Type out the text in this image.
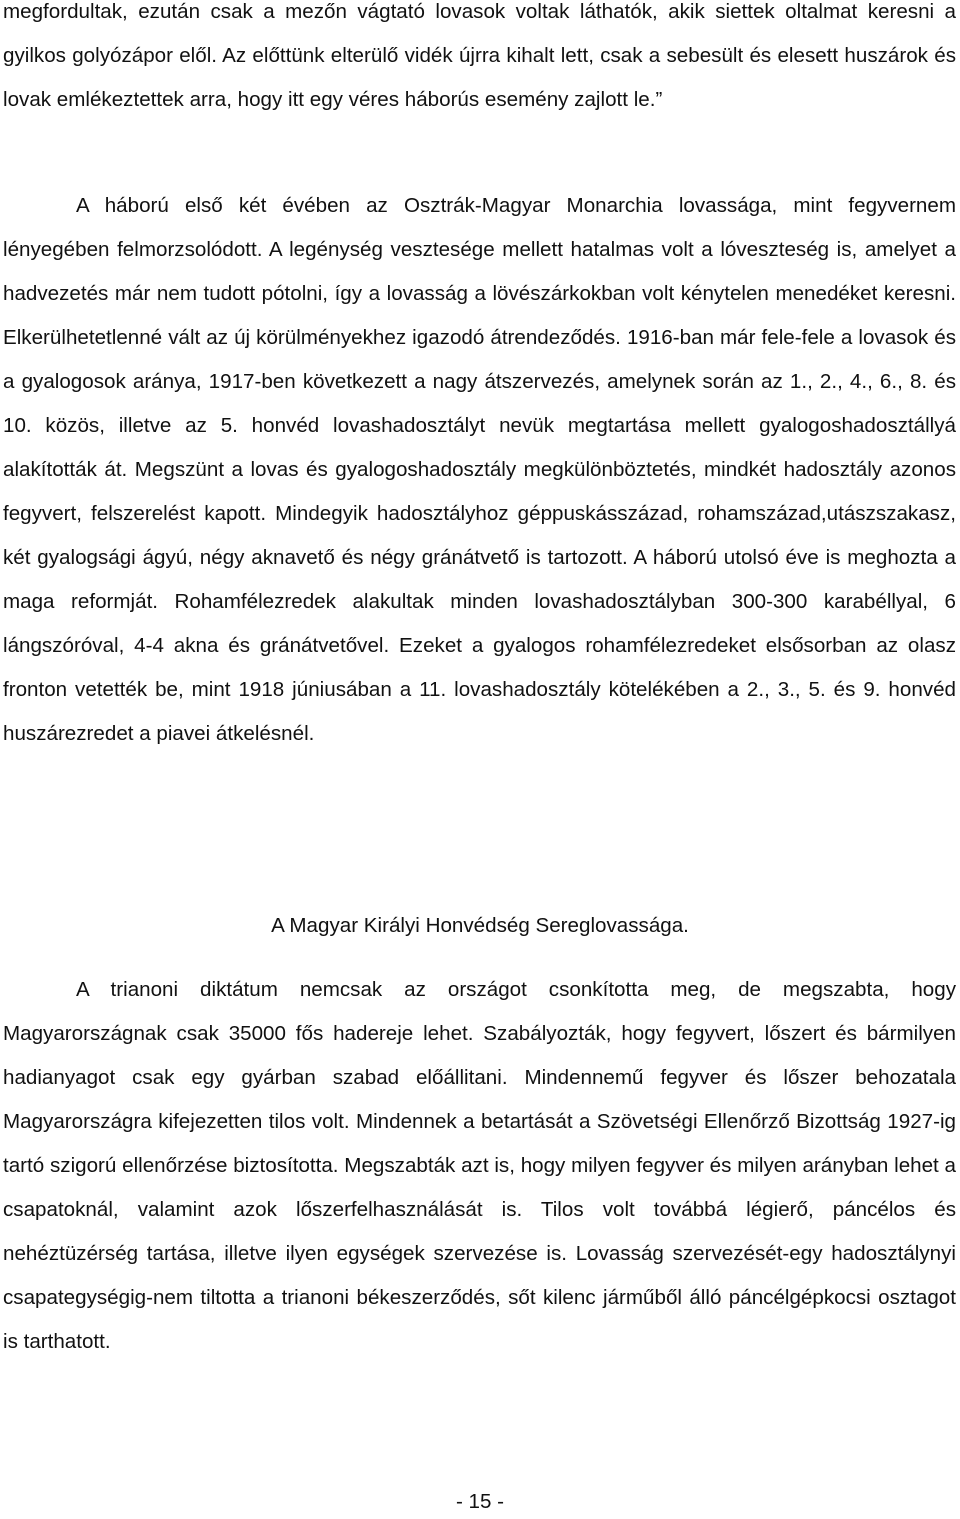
megfordultak, ezután csak a mezőn vágtató lovasok voltak láthatók, akik siettek oltalmat keresni a gyilkos golyózápor elől. Az előttünk elterülő vidék újrra kihalt lett, csak a sebesült és elesett huszárok és lovak emlékeztettek arra, hogy itt egy véres háborús esemény zajlott le.”

A háború első két évében az Osztrák-Magyar Monarchia lovassága, mint fegyvernem lényegében felmorzsolódott. A legénység vesztesége mellett hatalmas volt a lóveszteség is, amelyet a hadvezetés már nem tudott pótolni, így a lovasság a lövészárkokban volt kénytelen menedéket keresni. Elkerülhetetlenné vált az új körülményekhez igazodó átrendeződés. 1916-ban már fele-fele a lovasok és a gyalogosok aránya, 1917-ben következett a nagy átszervezés, amelynek során az 1., 2., 4., 6., 8. és 10. közös, illetve az 5. honvéd lovashadosztályt nevük megtartása mellett gyalogoshadosztállyá alakították át. Megszünt a lovas és gyalogoshadosztály megkülönböztetés, mindkét hadosztály azonos fegyvert, felszerelést kapott. Mindegyik hadosztályhoz géppuskásszázad, rohamszázad,utászszakasz, két gyalogsági ágyú, négy aknavető és négy gránátvető is tartozott. A háború utolsó éve is meghozta a maga reformját. Rohamfélezredek alakultak minden lovashadosztályban 300-300 karabéllyal, 6 lángszóróval, 4-4 akna és gránátvetővel. Ezeket a gyalogos rohamfélezredeket elsősorban az olasz fronton vetették be, mint 1918 júniusában a 11. lovashadosztály kötelékében a 2., 3., 5. és 9. honvéd huszárezredet a piavei átkelésnél.

A Magyar Királyi Honvédség Sereglovassága.

A trianoni diktátum nemcsak az országot csonkította meg, de megszabta, hogy Magyarországnak csak 35000 fős hadereje lehet. Szabályozták, hogy fegyvert, lőszert és bármilyen hadianyagot csak egy gyárban szabad előállitani. Mindennemű fegyver és lőszer behozatala Magyarországra kifejezetten tilos volt. Mindennek a betartását a Szövetségi Ellenőrző Bizottság 1927-ig tartó szigorú ellenőrzése biztosította. Megszabták azt is, hogy milyen fegyver és milyen arányban lehet a csapatoknál, valamint azok lőszerfelhasználását is. Tilos volt továbbá légierő, páncélos és nehéztüzérség tartása, illetve ilyen egységek szervezése is. Lovasság szervezését-egy hadosztálynyi csapategységig-nem tiltotta a trianoni békeszerződés, sőt kilenc járműből álló páncélgépkocsi osztagot is tarthatott.

- 15 -
